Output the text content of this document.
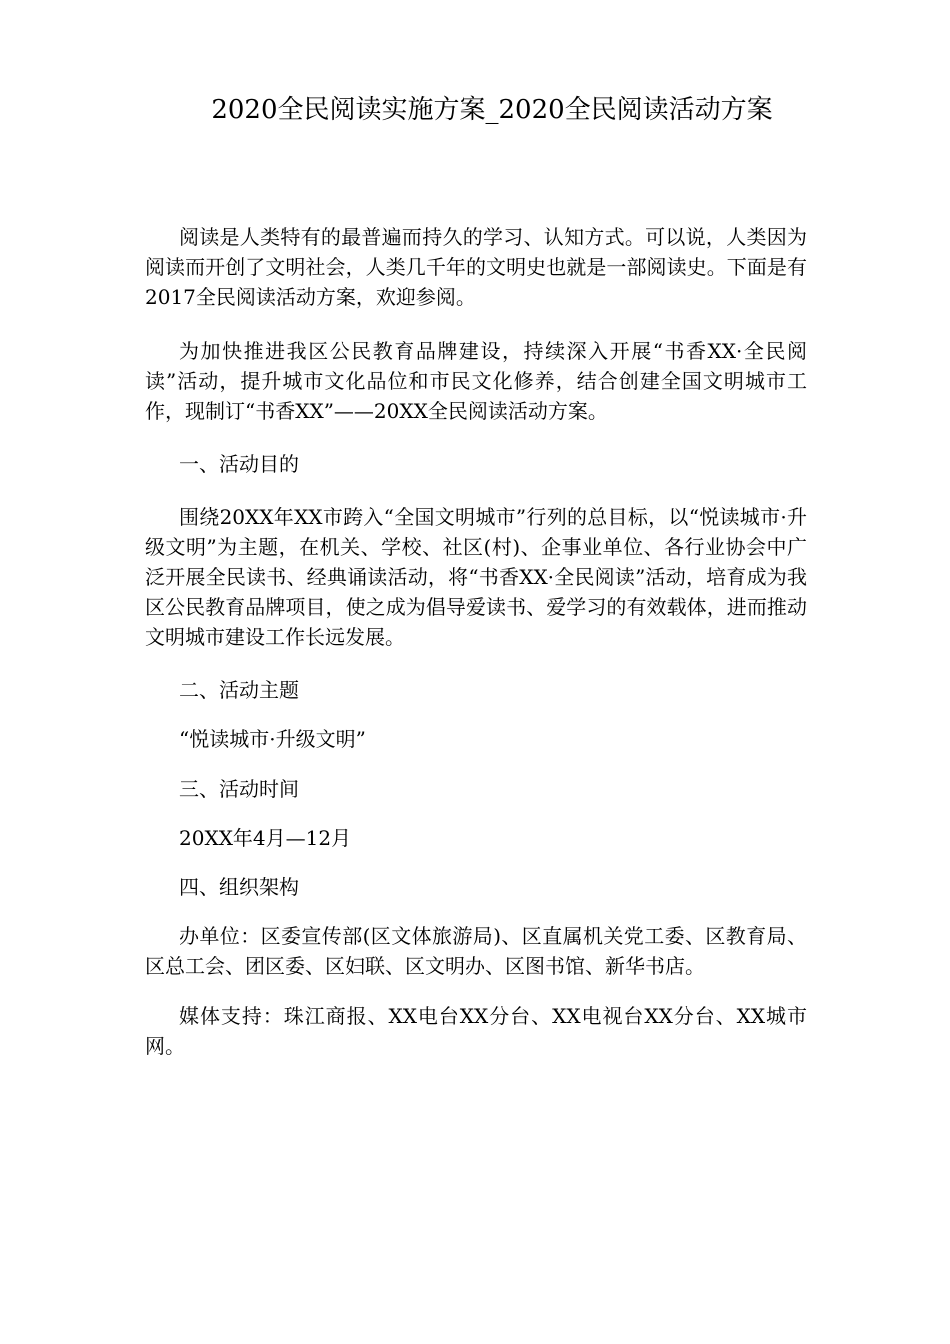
2020全民阅读实施方案_2020全民阅读活动方案

阅读是人类特有的最普遍而持久的学习、认知方式。可以说，人类因为阅读而开创了文明社会，人类几千年的文明史也就是一部阅读史。下面是有2017全民阅读活动方案，欢迎参阅。

为加快推进我区公民教育品牌建设，持续深入开展“书香XX·全民阅读”活动，提升城市文化品位和市民文化修养，结合创建全国文明城市工作，现制订“书香XX”——20XX全民阅读活动方案。

一、活动目的

围绕20XX年XX市跨入“全国文明城市”行列的总目标，以“悦读城市·升级文明”为主题，在机关、学校、社区(村)、企事业单位、各行业协会中广泛开展全民读书、经典诵读活动，将“书香XX·全民阅读”活动，培育成为我区公民教育品牌项目，使之成为倡导爱读书、爱学习的有效载体，进而推动文明城市建设工作长远发展。

二、活动主题

“悦读城市·升级文明”

三、活动时间

20XX年4月—12月

四、组织架构

办单位：区委宣传部(区文体旅游局)、区直属机关党工委、区教育局、区总工会、团区委、区妇联、区文明办、区图书馆、新华书店。

媒体支持：珠江商报、XX电台XX分台、XX电视台XX分台、XX城市网。
